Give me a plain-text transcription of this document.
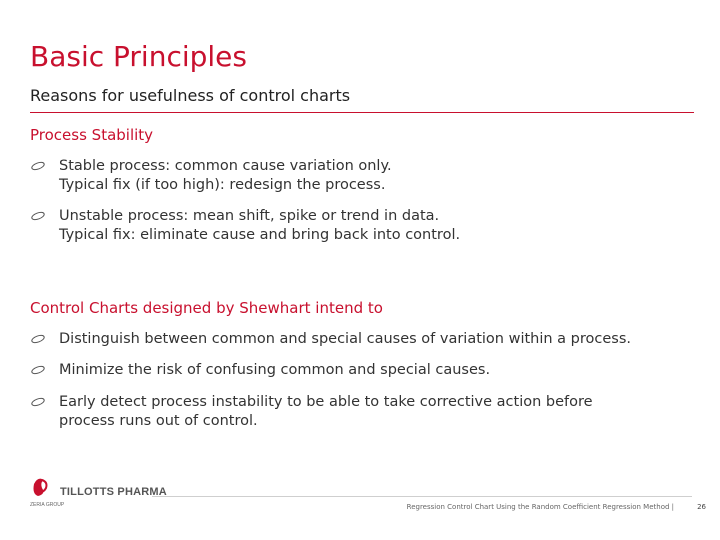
Basic Principles
Reasons for usefulness of control charts
Process Stability
Stable process: common cause variation only.
Typical fix (if too high): redesign the process.
Unstable process: mean shift, spike or trend in data.
Typical fix: eliminate cause and bring back into control.
Control Charts designed by Shewhart intend to
Distinguish between common and special causes of variation within a process.
Minimize the risk of confusing common and special causes.
Early detect process instability to be able to take corrective action before
process runs out of control.
ZERIA GROUP
TILLOTTS PHARMA
Regression Control Chart Using the Random Coefficient Regression Method |	26
